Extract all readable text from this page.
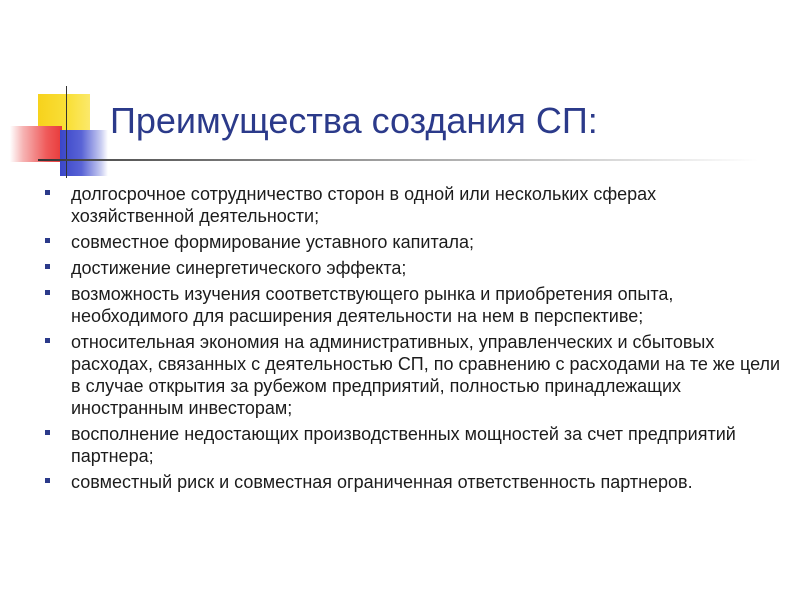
Преимущества создания СП:
долгосрочное сотрудничество сторон в одной или нескольких сферах хозяйственной деятельности;
совместное формирование уставного капитала;
достижение синергетического эффекта;
возможность изучения соответствующего рынка и приобретения опыта, необходимого для расширения деятельности на нем в перспективе;
относительная экономия на административных, управленческих и сбытовых расходах, связанных с деятельностью СП, по сравнению с расходами на те же цели в случае открытия за рубежом предприятий, полностью принадлежащих иностранным инвесторам;
восполнение недостающих производственных мощностей за счет предприятий партнера;
совместный риск и совместная ограниченная ответственность партнеров.
